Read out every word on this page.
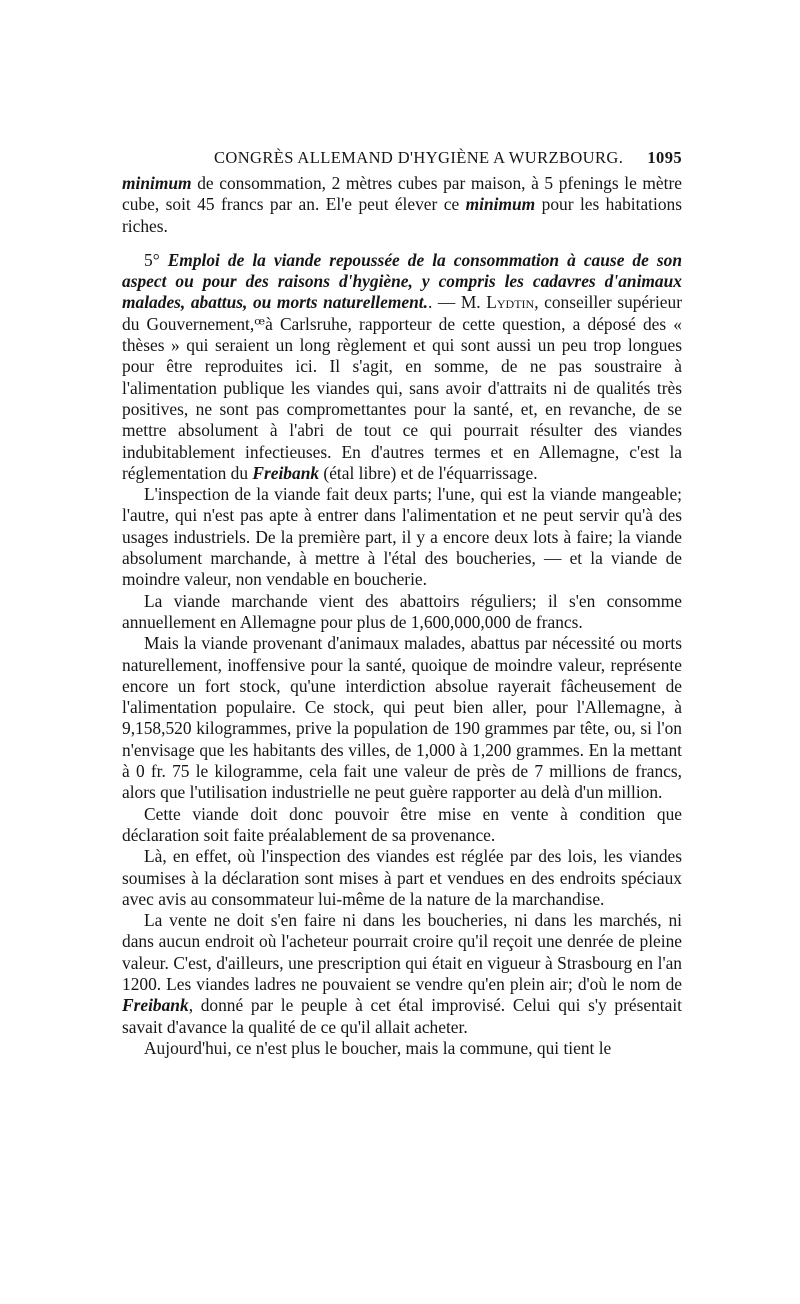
CONGRÈS ALLEMAND D'HYGIÈNE A WURZBOURG. 1095

minimum de consommation, 2 mètres cubes par maison, à 5 pfenings le mètre cube, soit 45 francs par an. El'e peut élever ce minimum pour les habitations riches.

5° Emploi de la viande repoussée de la consommation à cause de son aspect ou pour des raisons d'hygiène, y compris les cadavres d'animaux malades, abattus, ou morts naturellement.. — M. Lydtin, conseiller supérieur du Gouvernement,ꟹà Carlsruhe, rapporteur de cette question, a déposé des « thèses » qui seraient un long règlement et qui sont aussi un peu trop longues pour être reproduites ici. Il s'agit, en somme, de ne pas soustraire à l'alimentation publique les viandes qui, sans avoir d'attraits ni de qualités très positives, ne sont pas compromettantes pour la santé, et, en revanche, de se mettre absolument à l'abri de tout ce qui pourrait résulter des viandes indubitablement infectieuses. En d'autres termes et en Allemagne, c'est la réglementation du Freibank (étal libre) et de l'équarrissage.

L'inspection de la viande fait deux parts; l'une, qui est la viande mangeable; l'autre, qui n'est pas apte à entrer dans l'alimentation et ne peut servir qu'à des usages industriels. De la première part, il y a encore deux lots à faire; la viande absolument marchande, à mettre à l'étal des boucheries, — et la viande de moindre valeur, non vendable en boucherie.

La viande marchande vient des abattoirs réguliers; il s'en consomme annuellement en Allemagne pour plus de 1,600,000,000 de francs.

Mais la viande provenant d'animaux malades, abattus par nécessité ou morts naturellement, inoffensive pour la santé, quoique de moindre valeur, représente encore un fort stock, qu'une interdiction absolue rayerait fâcheusement de l'alimentation populaire. Ce stock, qui peut bien aller, pour l'Allemagne, à 9,158,520 kilogrammes, prive la population de 190 grammes par tête, ou, si l'on n'envisage que les habitants des villes, de 1,000 à 1,200 grammes. En la mettant à 0 fr. 75 le kilogramme, cela fait une valeur de près de 7 millions de francs, alors que l'utilisation industrielle ne peut guère rapporter au delà d'un million.

Cette viande doit donc pouvoir être mise en vente à condition que déclaration soit faite préalablement de sa provenance.

Là, en effet, où l'inspection des viandes est réglée par des lois, les viandes soumises à la déclaration sont mises à part et vendues en des endroits spéciaux avec avis au consommateur lui-même de la nature de la marchandise.

La vente ne doit s'en faire ni dans les boucheries, ni dans les marchés, ni dans aucun endroit où l'acheteur pourrait croire qu'il reçoit une denrée de pleine valeur. C'est, d'ailleurs, une prescription qui était en vigueur à Strasbourg en l'an 1200. Les viandes ladres ne pouvaient se vendre qu'en plein air; d'où le nom de Freibank, donné par le peuple à cet étal improvisé. Celui qui s'y présentait savait d'avance la qualité de ce qu'il allait acheter.

Aujourd'hui, ce n'est plus le boucher, mais la commune, qui tient le
